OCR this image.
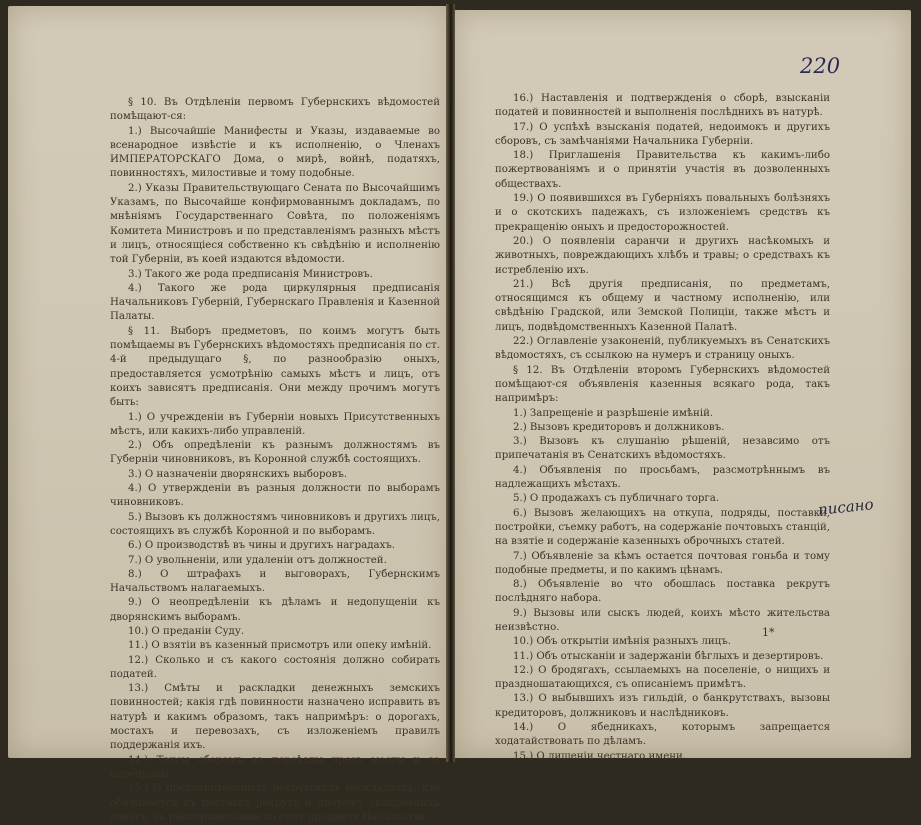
220

§ 10. Въ Отдѣленіи первомъ Губернскихъ вѣдомостей помѣщают-ся:

1.) Высочайшіе Манифесты и Указы, издаваемые во всенародное извѣстіе и къ исполненію, о Членахъ ИМПЕРАТОРСКАГО Дома, о мирѣ, войнѣ, податяхъ, повинностяхъ, милостивые и тому подобные.

2.) Указы Правительствующаго Сената по Высочайшимъ Указамъ, по Высочайше конфирмованнымъ докладамъ, по мнѣніямъ Государственнаго Совѣта, по положеніямъ Комитета Министровъ и по представленіямъ разныхъ мѣстъ и лицъ, относящіеся собственно къ свѣдѣнію и исполненію той Губерніи, въ коей издаются вѣдомости.

3.) Такого же рода предписанія Министровъ.

4.) Такого же рода циркулярныя предписанія Начальниковъ Губерній, Губернскаго Правленія и Казенной Палаты.

§ 11. Выборъ предметовъ, по коимъ могутъ быть помѣщаемы въ Губернскихъ вѣдомостяхъ предписанія по ст. 4-й предыдущаго §, по разнообразію оныхъ, предоставляется усмотрѣнію самыхъ мѣстъ и лицъ, отъ коихъ зависятъ предписанія. Они между прочимъ могутъ быть:

1.) О учрежденіи въ Губерніи новыхъ Присутственныхъ мѣстъ, или какихъ-либо управленій.

2.) Объ опредѣленіи къ разнымъ должностямъ въ Губерніи чиновниковъ, въ Коронной службѣ состоящихъ.

3.) О назначеніи дворянскихъ выборовъ.

4.) О утвержденіи въ разныя должности по выборамъ чиновниковъ.

5.) Вызовъ къ должностямъ чиновниковъ и другихъ лицъ, состоящихъ въ службѣ Коронной и по выборамъ.

6.) О производствѣ въ чины и другихъ наградахъ.

7.) О увольненіи, или удаленіи отъ должностей.

8.) О штрафахъ и выговорахъ, Губернскимъ Начальствомъ налагаемыхъ.

9.) О неопредѣленіи къ дѣламъ и недопущеніи къ дворянскимъ выборамъ.

10.) О преданіи Суду.

11.) О взятіи въ казенный присмотръ или опеку имѣній.

12.) Сколько и съ какого состоянія должно собирать податей.

13.) Смѣты и раскладки денежныхъ земскихъ повинностей; какія гдѣ повинности назначено исправить въ натурѣ и какимъ образомъ, такъ напримѣръ: о дорогахъ, мостахъ и перевозахъ, съ изложеніемъ правилъ поддержанія ихъ.

14.) Таксы сборамъ за переѣзды чрезъ мосты и за переправы.

15.) О предварительныхъ рекрутскихъ раскладкахъ; кто обязывается къ поставкѣ рекрутъ и платежу складочныхъ денегъ, съ распоряженіями по сему предмету Начальства.

16.) Наставленія и подтвержденія о сборѣ, взысканіи податей и повинностей и выполненія послѣднихъ въ натурѣ.

17.) О успѣхѣ взысканія податей, недоимокъ и другихъ сборовъ, съ замѣчаніями Начальника Губерніи.

18.) Приглашенія Правительства къ какимъ-либо пожертвованіямъ и о принятіи участія въ дозволенныхъ обществахъ.

19.) О появившихся въ Губерніяхъ повальныхъ болѣзняхъ и о скотскихъ падежахъ, съ изложеніемъ средствъ къ прекращенію оныхъ и предосторожностей.

20.) О появленіи саранчи и другихъ насѣкомыхъ и животныхъ, повреждающихъ хлѣбъ и травы; о средствахъ къ истребленію ихъ.

21.) Всѣ другія предписанія, по предметамъ, относящимся къ общему и частному исполненію, или свѣдѣнію Градской, или Земской Полиціи, также мѣстъ и лицъ, подвѣдомственныхъ Казенной Палатѣ.

22.) Оглавленіе узаконеній, публикуемыхъ въ Сенатскихъ вѣдомостяхъ, съ ссылкою на нумеръ и страницу оныхъ.

§ 12. Въ Отдѣленіи второмъ Губернскихъ вѣдомостей помѣщают-ся объявленія казенныя всякаго рода, такъ напримѣръ:

1.) Запрещеніе и разрѣшеніе имѣній.

2.) Вызовъ кредиторовъ и должниковъ.

3.) Вызовъ къ слушанію рѣшеній, незавсимо отъ припечатанія въ Сенатскихъ вѣдомостяхъ.

4.) Объявленія по просьбамъ, разсмотрѣннымъ въ надлежащихъ мѣстахъ.

5.) О продажахъ съ публичнаго торга.

6.) Вызовъ желающихъ на откупа, подряды, поставки, постройки, съемку работъ, на содержаніе почтовыхъ станцій, на взятіе и содержаніе казенныхъ оброчныхъ статей.

7.) Объявленіе за кѣмъ остается почтовая гоньба и тому подобные предметы, и по какимъ цѣнамъ.

8.) Объявленіе во что обошлась поставка рекрутъ послѣдняго набора.

9.) Вызовы или сыскъ людей, коихъ мѣсто жительства неизвѣстно.

10.) Объ открытіи имѣнія разныхъ лицъ.

11.) Объ отысканіи и задержаніи бѣглыхъ и дезертировъ.

12.) О бродягахъ, ссылаемыхъ на поселеніе, о нищихъ и праздношатающихся, съ описаніемъ примѣтъ.

13.) О выбывшихъ изъ гильдій, о банкрутствахъ, вызовы кредиторовъ, должниковъ и наслѣдниковъ.

14.) О ябедникахъ, которымъ запрещается ходатайствовать по дѣламъ.

15.) О лишеніи честнаго имени.

писано
1*
